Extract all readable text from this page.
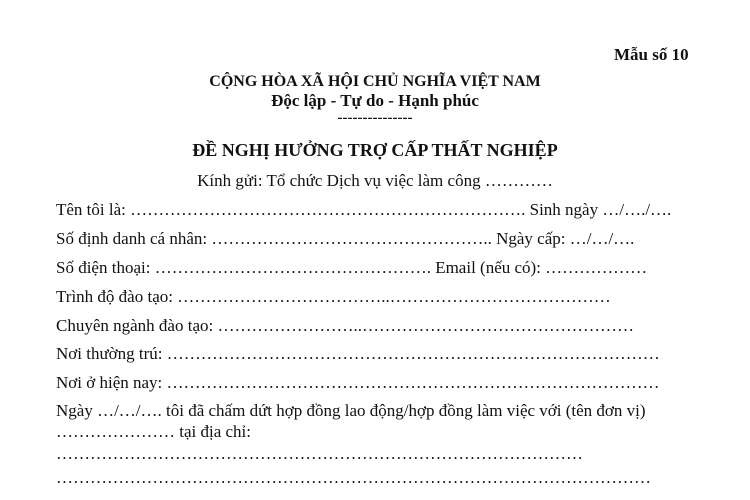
Mẫu số 10
CỘNG HÒA XÃ HỘI CHỦ NGHĨA VIỆT NAM
Độc lập - Tự do - Hạnh phúc
---------------
ĐỀ NGHỊ HƯỞNG TRỢ CẤP THẤT NGHIỆP
Kính gửi: Tổ chức Dịch vụ việc làm công …………
Tên tôi là: ……………………………………………………………. Sinh ngày …/…./….
Số định danh cá nhân: ………………………………………….. Ngày cấp: …/…/….
Số điện thoại: …………………………………………. Email (nếu có): ………………
Trình độ đào tạo: ………………………………..…………………………………
Chuyên ngành đào tạo: ……………………..…………………………………………
Nơi thường trú: ……………………………………………………………………………
Nơi ở hiện nay: ……………………………………………………………………………
Ngày …/…/…. tôi đã chấm dứt hợp đồng lao động/hợp đồng làm việc với (tên đơn vị)
………………… tại địa chỉ:
…………………………………………………………………………………
……………………………………………………………………………………………
